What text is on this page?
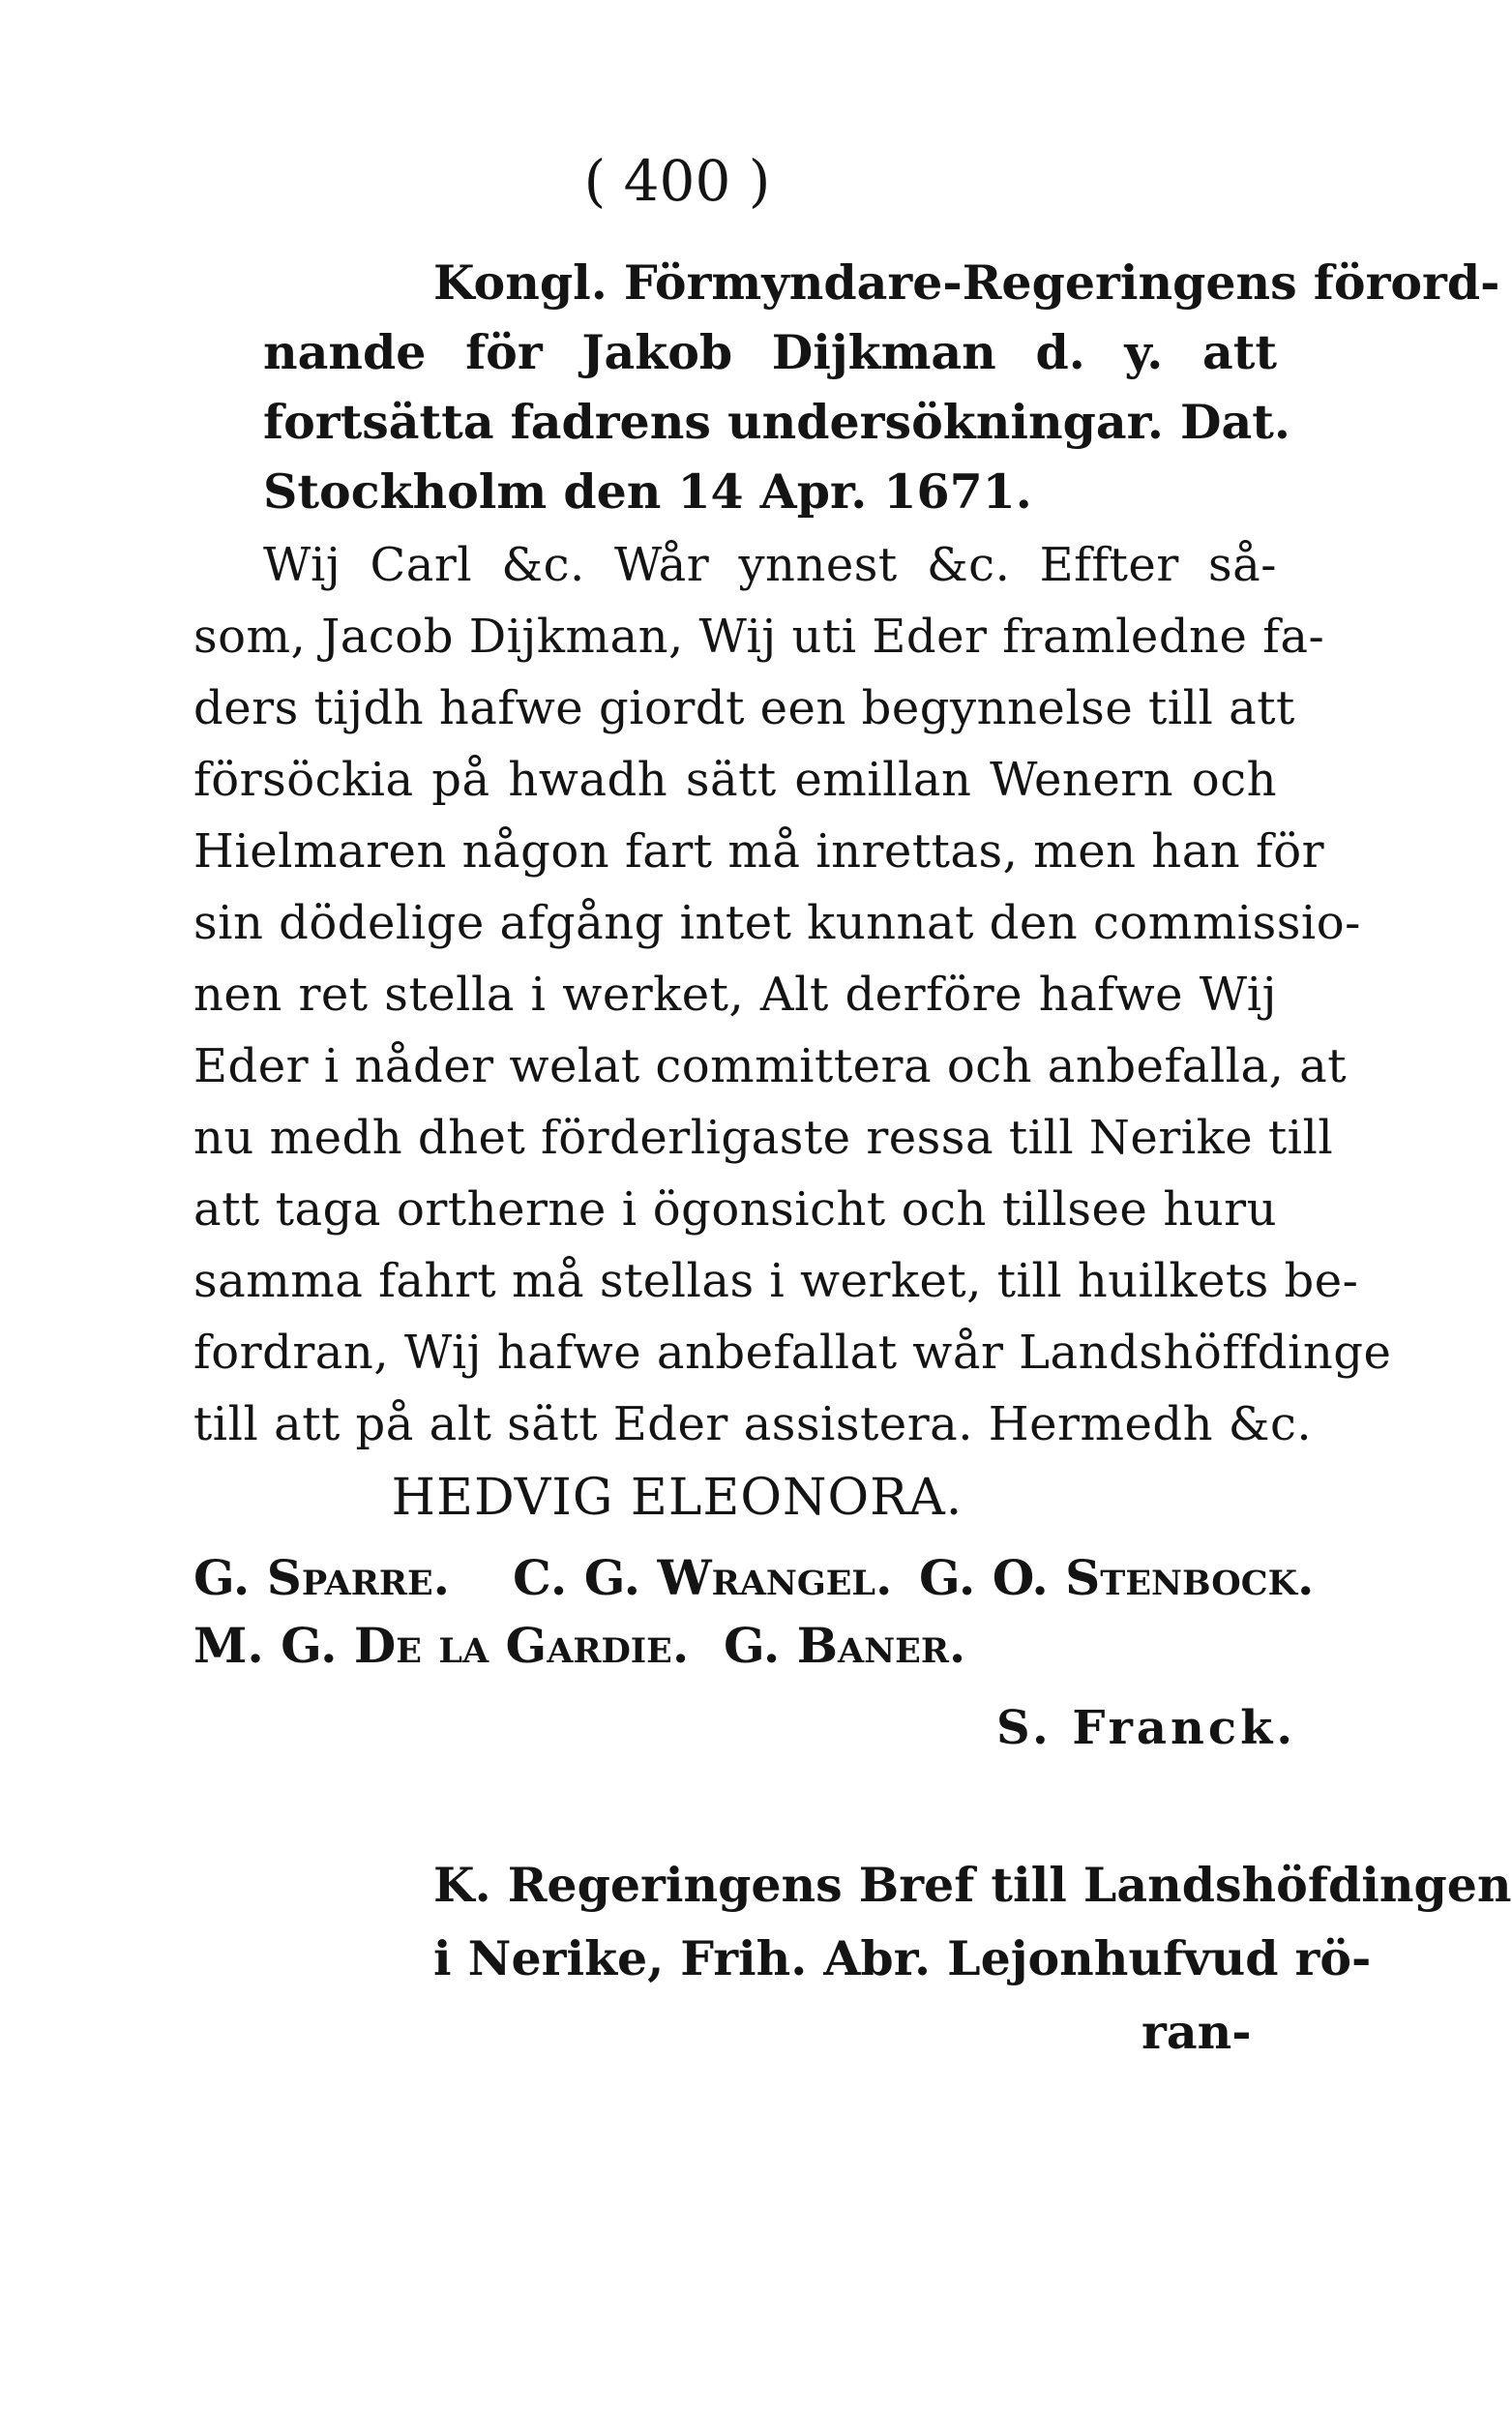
( 400 )
Kongl. Förmyndare-Regeringens förord-
nande för Jakob Dijkman d. y. att
fortsätta fadrens undersökningar. Dat.
Stockholm den 14 Apr. 1671.
Wij Carl &c. Wår ynnest &c. Effter så-
som, Jacob Dijkman, Wij uti Eder framledne fa-
ders tijdh hafwe giordt een begynnelse till att
försöckia på hwadh sätt emillan Wenern och
Hielmaren någon fart må inrettas, men han för
sin dödelige afgång intet kunnat den commissio-
nen ret stella i werket, Alt derföre hafwe Wij
Eder i nåder welat committera och anbefalla, at
nu medh dhet förderligaste ressa till Nerike till
att taga ortherne i ögonsicht och tillsee huru
samma fahrt må stellas i werket, till huilkets be-
fordran, Wij hafwe anbefallat wår Landshöffdinge
till att på alt sätt Eder assistera. Hermedh &c.
HEDVIG ELEONORA.
G. Sparre. C. G. Wrangel. G. O. Stenbock.
M. G. De la Gardie. G. Baner.
S. Franck.
K. Regeringens Bref till Landshöfdingen
i Nerike, Frih. Abr. Lejonhufvud rö-
ran-
